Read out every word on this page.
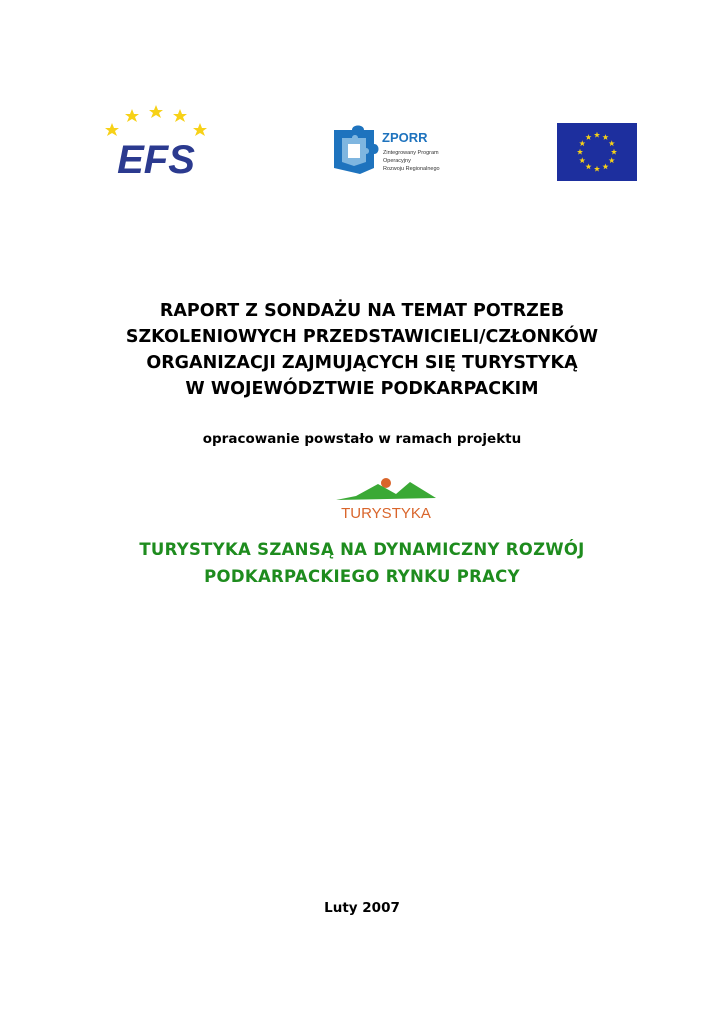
EFS
ZPORR
Zintegrowany Program
Operacyjny
Rozwoju Regionalnego
RAPORT Z SONDAŻU NA TEMAT POTRZEB
SZKOLENIOWYCH PRZEDSTAWICIELI/CZŁONKÓW
ORGANIZACJI ZAJMUJĄCYCH SIĘ TURYSTYKĄ
W WOJEWÓDZTWIE PODKARPACKIM
opracowanie powstało w ramach projektu
TURYSTYKA
TURYSTYKA SZANSĄ NA DYNAMICZNY ROZWÓJ
PODKARPACKIEGO RYNKU PRACY
Luty 2007
